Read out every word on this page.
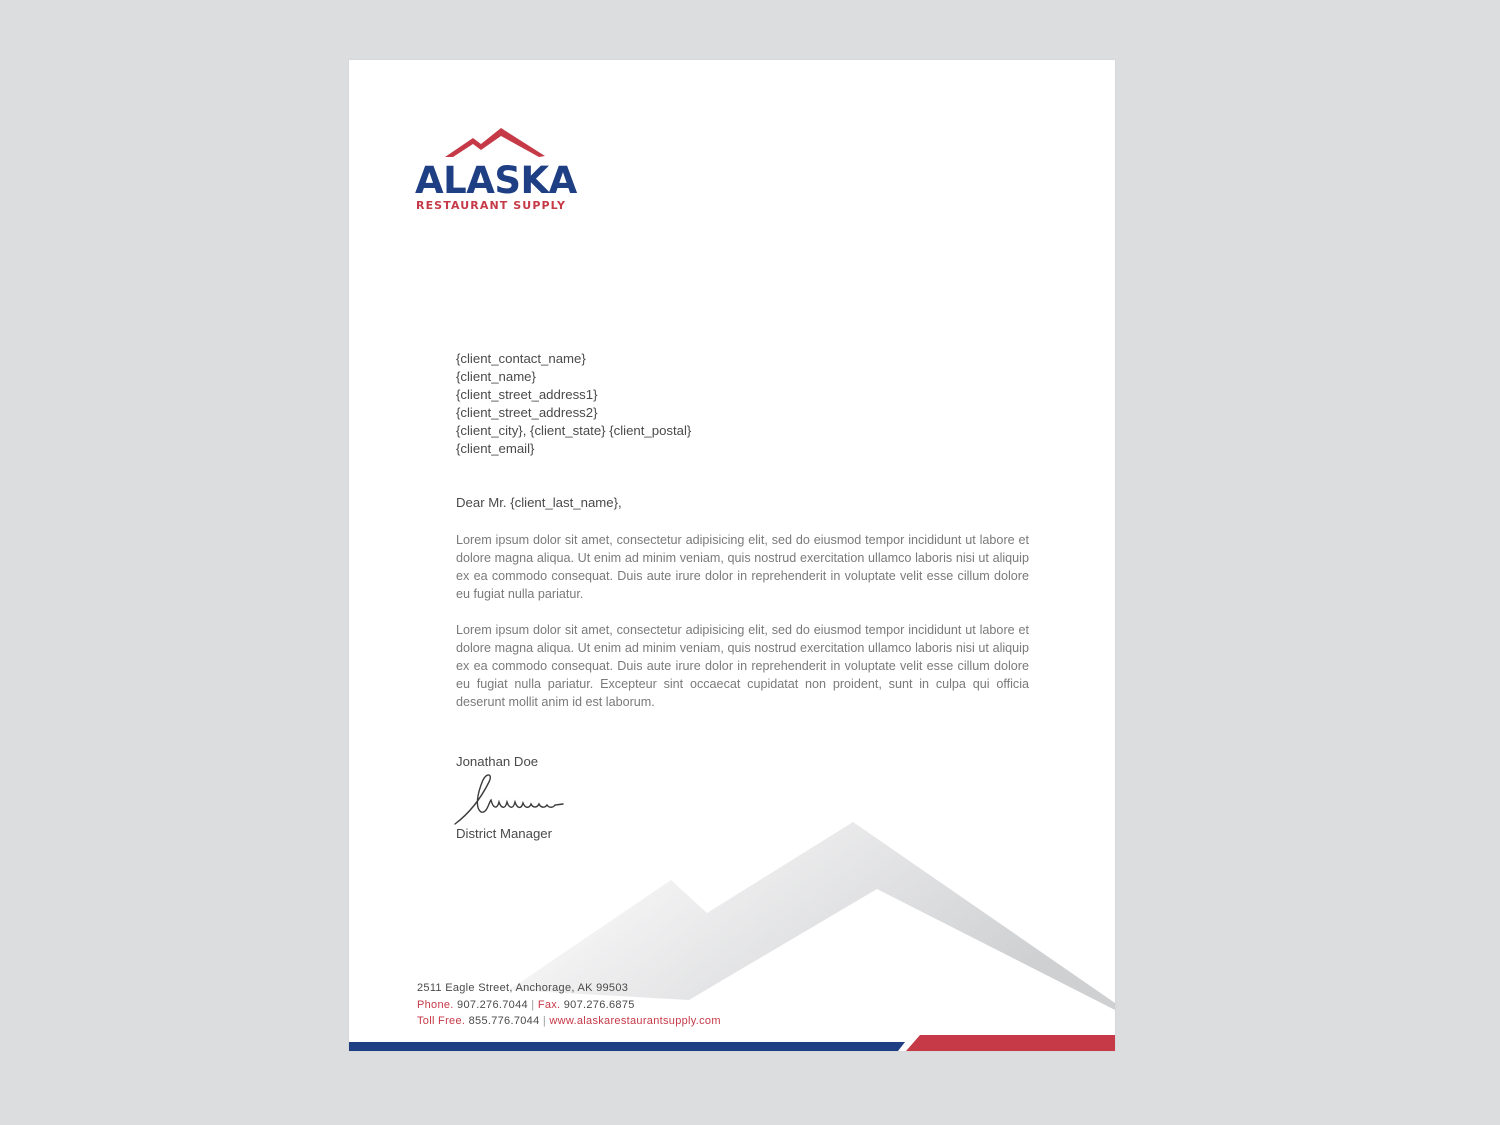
ALASKA
RESTAURANT SUPPLY
{client_contact_name}
{client_name}
{client_street_address1}
{client_street_address2}
{client_city}, {client_state} {client_postal}
{client_email}
Dear Mr. {client_last_name},

Lorem ipsum dolor sit amet, consectetur adipisicing elit, sed do eiusmod tempor incididunt ut labore et dolore magna aliqua. Ut enim ad minim veniam, quis nostrud exercitation ullamco laboris nisi ut aliquip ex ea commodo consequat. Duis aute irure dolor in reprehenderit in voluptate velit esse cillum dolore eu fugiat nulla pariatur.

Lorem ipsum dolor sit amet, consectetur adipisicing elit, sed do eiusmod tempor incididunt ut labore et dolore magna aliqua. Ut enim ad minim veniam, quis nostrud exercitation ullamco laboris nisi ut aliquip ex ea commodo consequat. Duis aute irure dolor in reprehenderit in voluptate velit esse cillum dolore eu fugiat nulla pariatur. Excepteur sint occaecat cupidatat non proident, sunt in culpa qui officia deserunt mollit anim id est laborum.

Jonathan Doe
District Manager
2511 Eagle Street, Anchorage, AK 99503
Phone. 907.276.7044 | Fax. 907.276.6875
Toll Free. 855.776.7044 | www.alaskarestaurantsupply.com
